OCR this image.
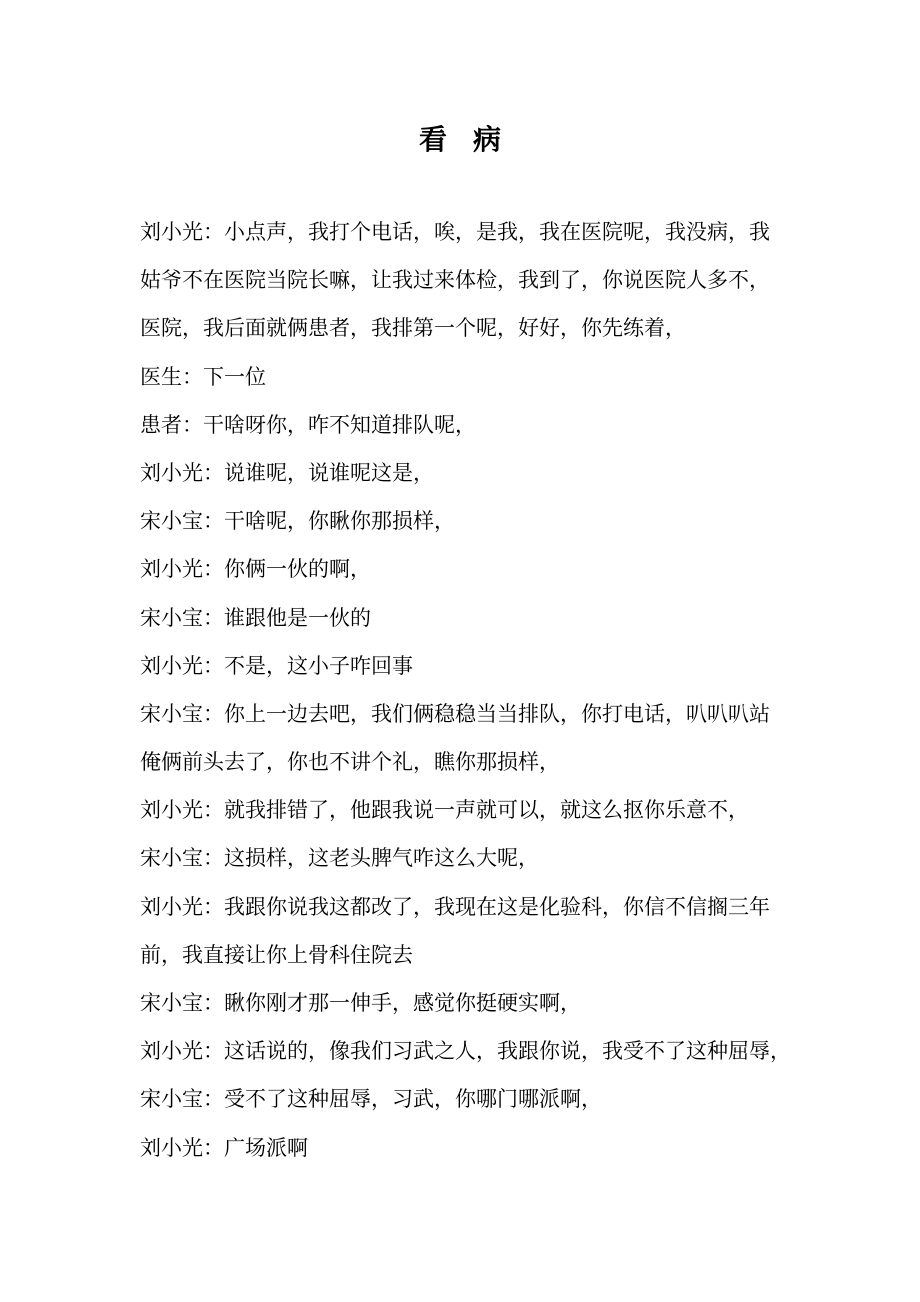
看病
刘小光：小点声，我打个电话，唉，是我，我在医院呢，我没病，我
姑爷不在医院当院长嘛，让我过来体检，我到了，你说医院人多不，
医院，我后面就俩患者，我排第一个呢，好好，你先练着，
医生：下一位
患者：干啥呀你，咋不知道排队呢，
刘小光：说谁呢，说谁呢这是，
宋小宝：干啥呢，你瞅你那损样，
刘小光：你俩一伙的啊，
宋小宝：谁跟他是一伙的
刘小光：不是，这小子咋回事
宋小宝：你上一边去吧，我们俩稳稳当当排队，你打电话，叭叭叭站
俺俩前头去了，你也不讲个礼，瞧你那损样，
刘小光：就我排错了，他跟我说一声就可以，就这么抠你乐意不，
宋小宝：这损样，这老头脾气咋这么大呢，
刘小光：我跟你说我这都改了，我现在这是化验科，你信不信搁三年
前，我直接让你上骨科住院去
宋小宝：瞅你刚才那一伸手，感觉你挺硬实啊，
刘小光：这话说的，像我们习武之人，我跟你说，我受不了这种屈辱，
宋小宝：受不了这种屈辱，习武，你哪门哪派啊，
刘小光：广场派啊
